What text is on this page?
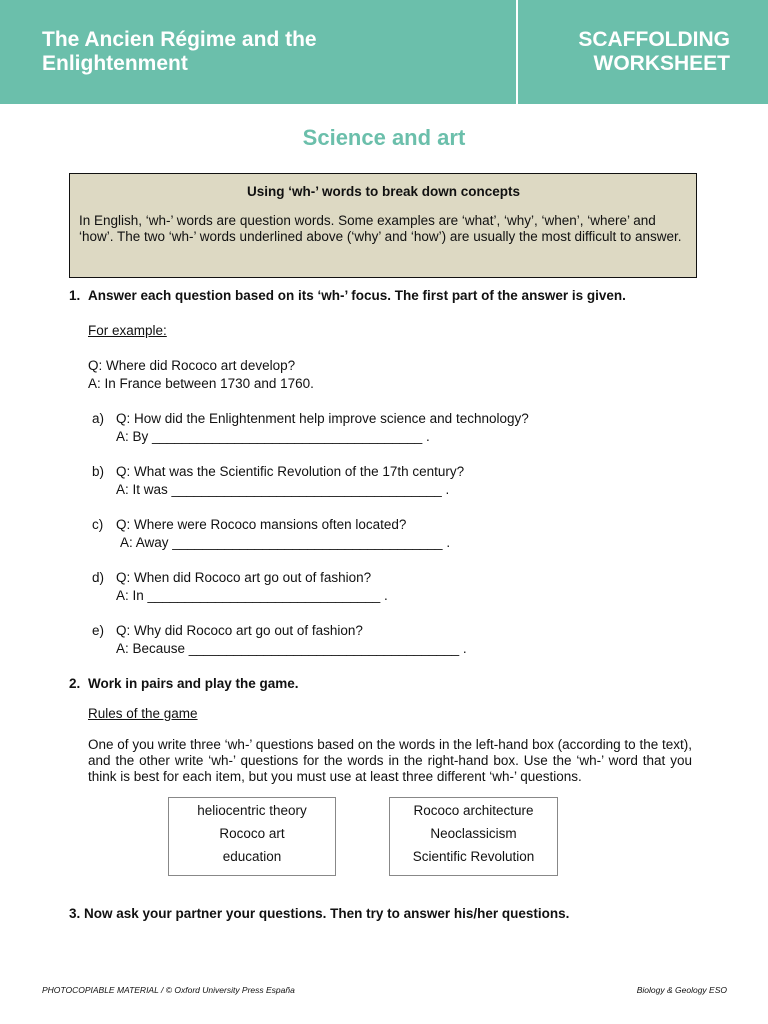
The Ancien Régime and the
Enlightenment
SCAFFOLDING
WORKSHEET
Science and art
Using ‘wh-’ words to break down concepts
In English, ‘wh-’ words are question words. Some examples are ‘what’, ‘why’, ‘when’, ‘where’ and ‘how’. The two ‘wh-’ words underlined above (‘why’ and ‘how’) are usually the most difficult to answer.
1. Answer each question based on its ‘wh-’ focus. The first part of the answer is given.
For example:
Q: Where did Rococo art develop?
A: In France between 1730 and 1760.
a) Q: How did the Enlightenment help improve science and technology?
A: By ____________________________________ .
b) Q: What was the Scientific Revolution of the 17th century?
A: It was ____________________________________ .
c) Q: Where were Rococo mansions often located?
A: Away ____________________________________ .
d) Q: When did Rococo art go out of fashion?
A: In _______________________________ .
e) Q: Why did Rococo art go out of fashion?
A: Because ____________________________________ .
2. Work in pairs and play the game.
Rules of the game
One of you write three ‘wh-’ questions based on the words in the left-hand box (according to the text), and the other write ‘wh-’ questions for the words in the right-hand box. Use the ‘wh-’ word that you think is best for each item, but you must use at least three different ‘wh-’ questions.
heliocentric theory
Rococo art
education
Rococo architecture
Neoclassicism
Scientific Revolution
3. Now ask your partner your questions. Then try to answer his/her questions.
PHOTOCOPIABLE MATERIAL / © Oxford University Press España	Biology & Geology ESO
